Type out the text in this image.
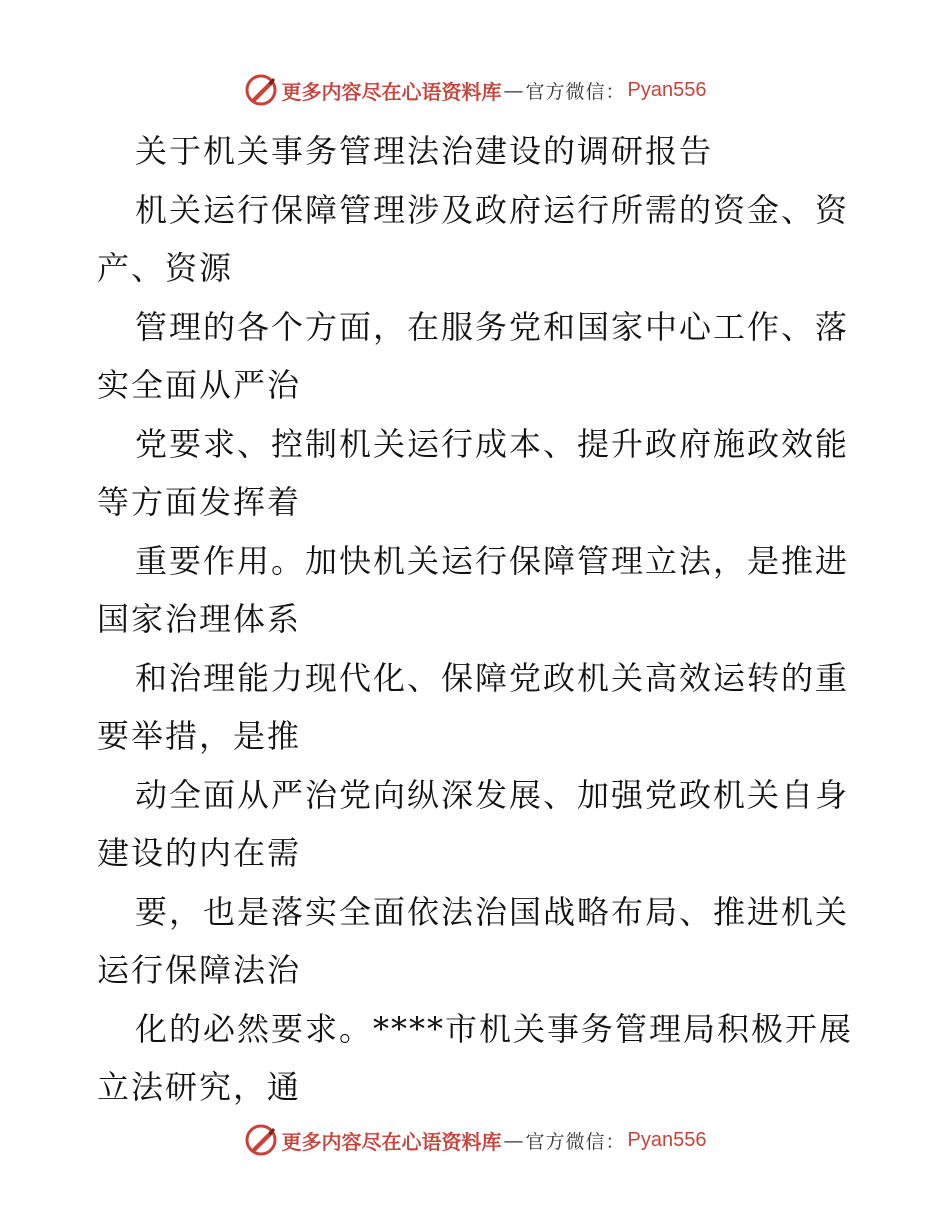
更多内容尽在心语资料库 — 官方微信： Pyan556
关于机关事务管理法治建设的调研报告
机关运行保障管理涉及政府运行所需的资金、资
产、资源
管理的各个方面，在服务党和国家中心工作、落
实全面从严治
党要求、控制机关运行成本、提升政府施政效能
等方面发挥着
重要作用。加快机关运行保障管理立法，是推进
国家治理体系
和治理能力现代化、保障党政机关高效运转的重
要举措，是推
动全面从严治党向纵深发展、加强党政机关自身
建设的内在需
要，也是落实全面依法治国战略布局、推进机关
运行保障法治
化的必然要求。****市机关事务管理局积极开展
立法研究，通
更多内容尽在心语资料库 — 官方微信： Pyan556
